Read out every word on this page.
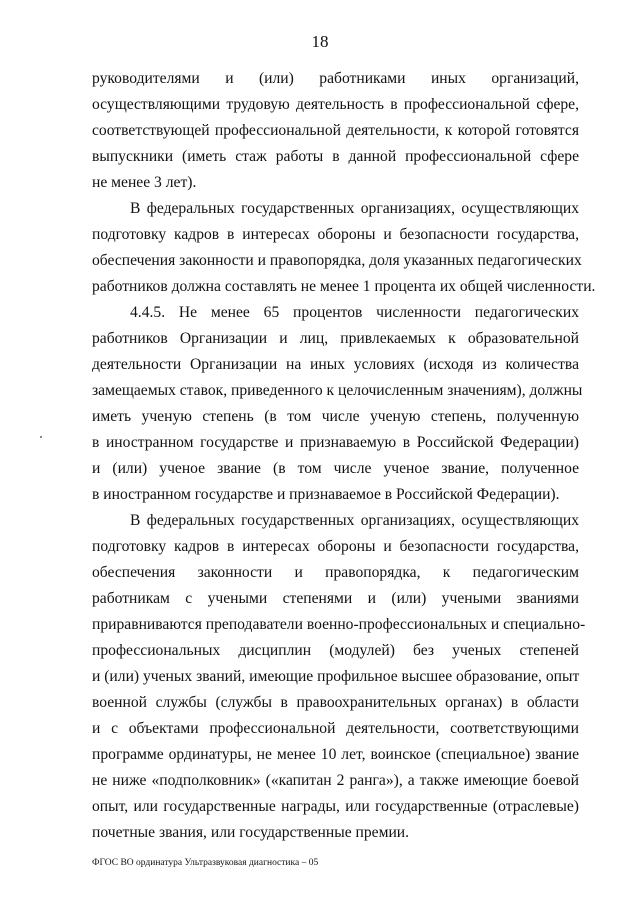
18
руководителями и (или) работниками иных организаций,
осуществляющими трудовую деятельность в профессиональной сфере,
соответствующей профессиональной деятельности, к которой готовятся
выпускники (иметь стаж работы в данной профессиональной сфере
не менее 3 лет).
В федеральных государственных организациях, осуществляющих
подготовку кадров в интересах обороны и безопасности государства,
обеспечения законности и правопорядка, доля указанных педагогических
работников должна составлять не менее 1 процента их общей численности.
4.4.5. Не менее 65 процентов численности педагогических
работников Организации и лиц, привлекаемых к образовательной
деятельности Организации на иных условиях (исходя из количества
замещаемых ставок, приведенного к целочисленным значениям), должны
иметь ученую степень (в том числе ученую степень, полученную
в иностранном государстве и признаваемую в Российской Федерации)
и (или) ученое звание (в том числе ученое звание, полученное
в иностранном государстве и признаваемое в Российской Федерации).
В федеральных государственных организациях, осуществляющих
подготовку кадров в интересах обороны и безопасности государства,
обеспечения законности и правопорядка, к педагогическим
работникам с учеными степенями и (или) учеными званиями
приравниваются преподаватели военно-профессиональных и специально-
профессиональных дисциплин (модулей) без ученых степеней
и (или) ученых званий, имеющие профильное высшее образование, опыт
военной службы (службы в правоохранительных органах) в области
и с объектами профессиональной деятельности, соответствующими
программе ординатуры, не менее 10 лет, воинское (специальное) звание
не ниже «подполковник» («капитан 2 ранга»), а также имеющие боевой
опыт, или государственные награды, или государственные (отраслевые)
почетные звания, или государственные премии.
ФГОС ВО ординатура Ультразвуковая диагностика – 05
